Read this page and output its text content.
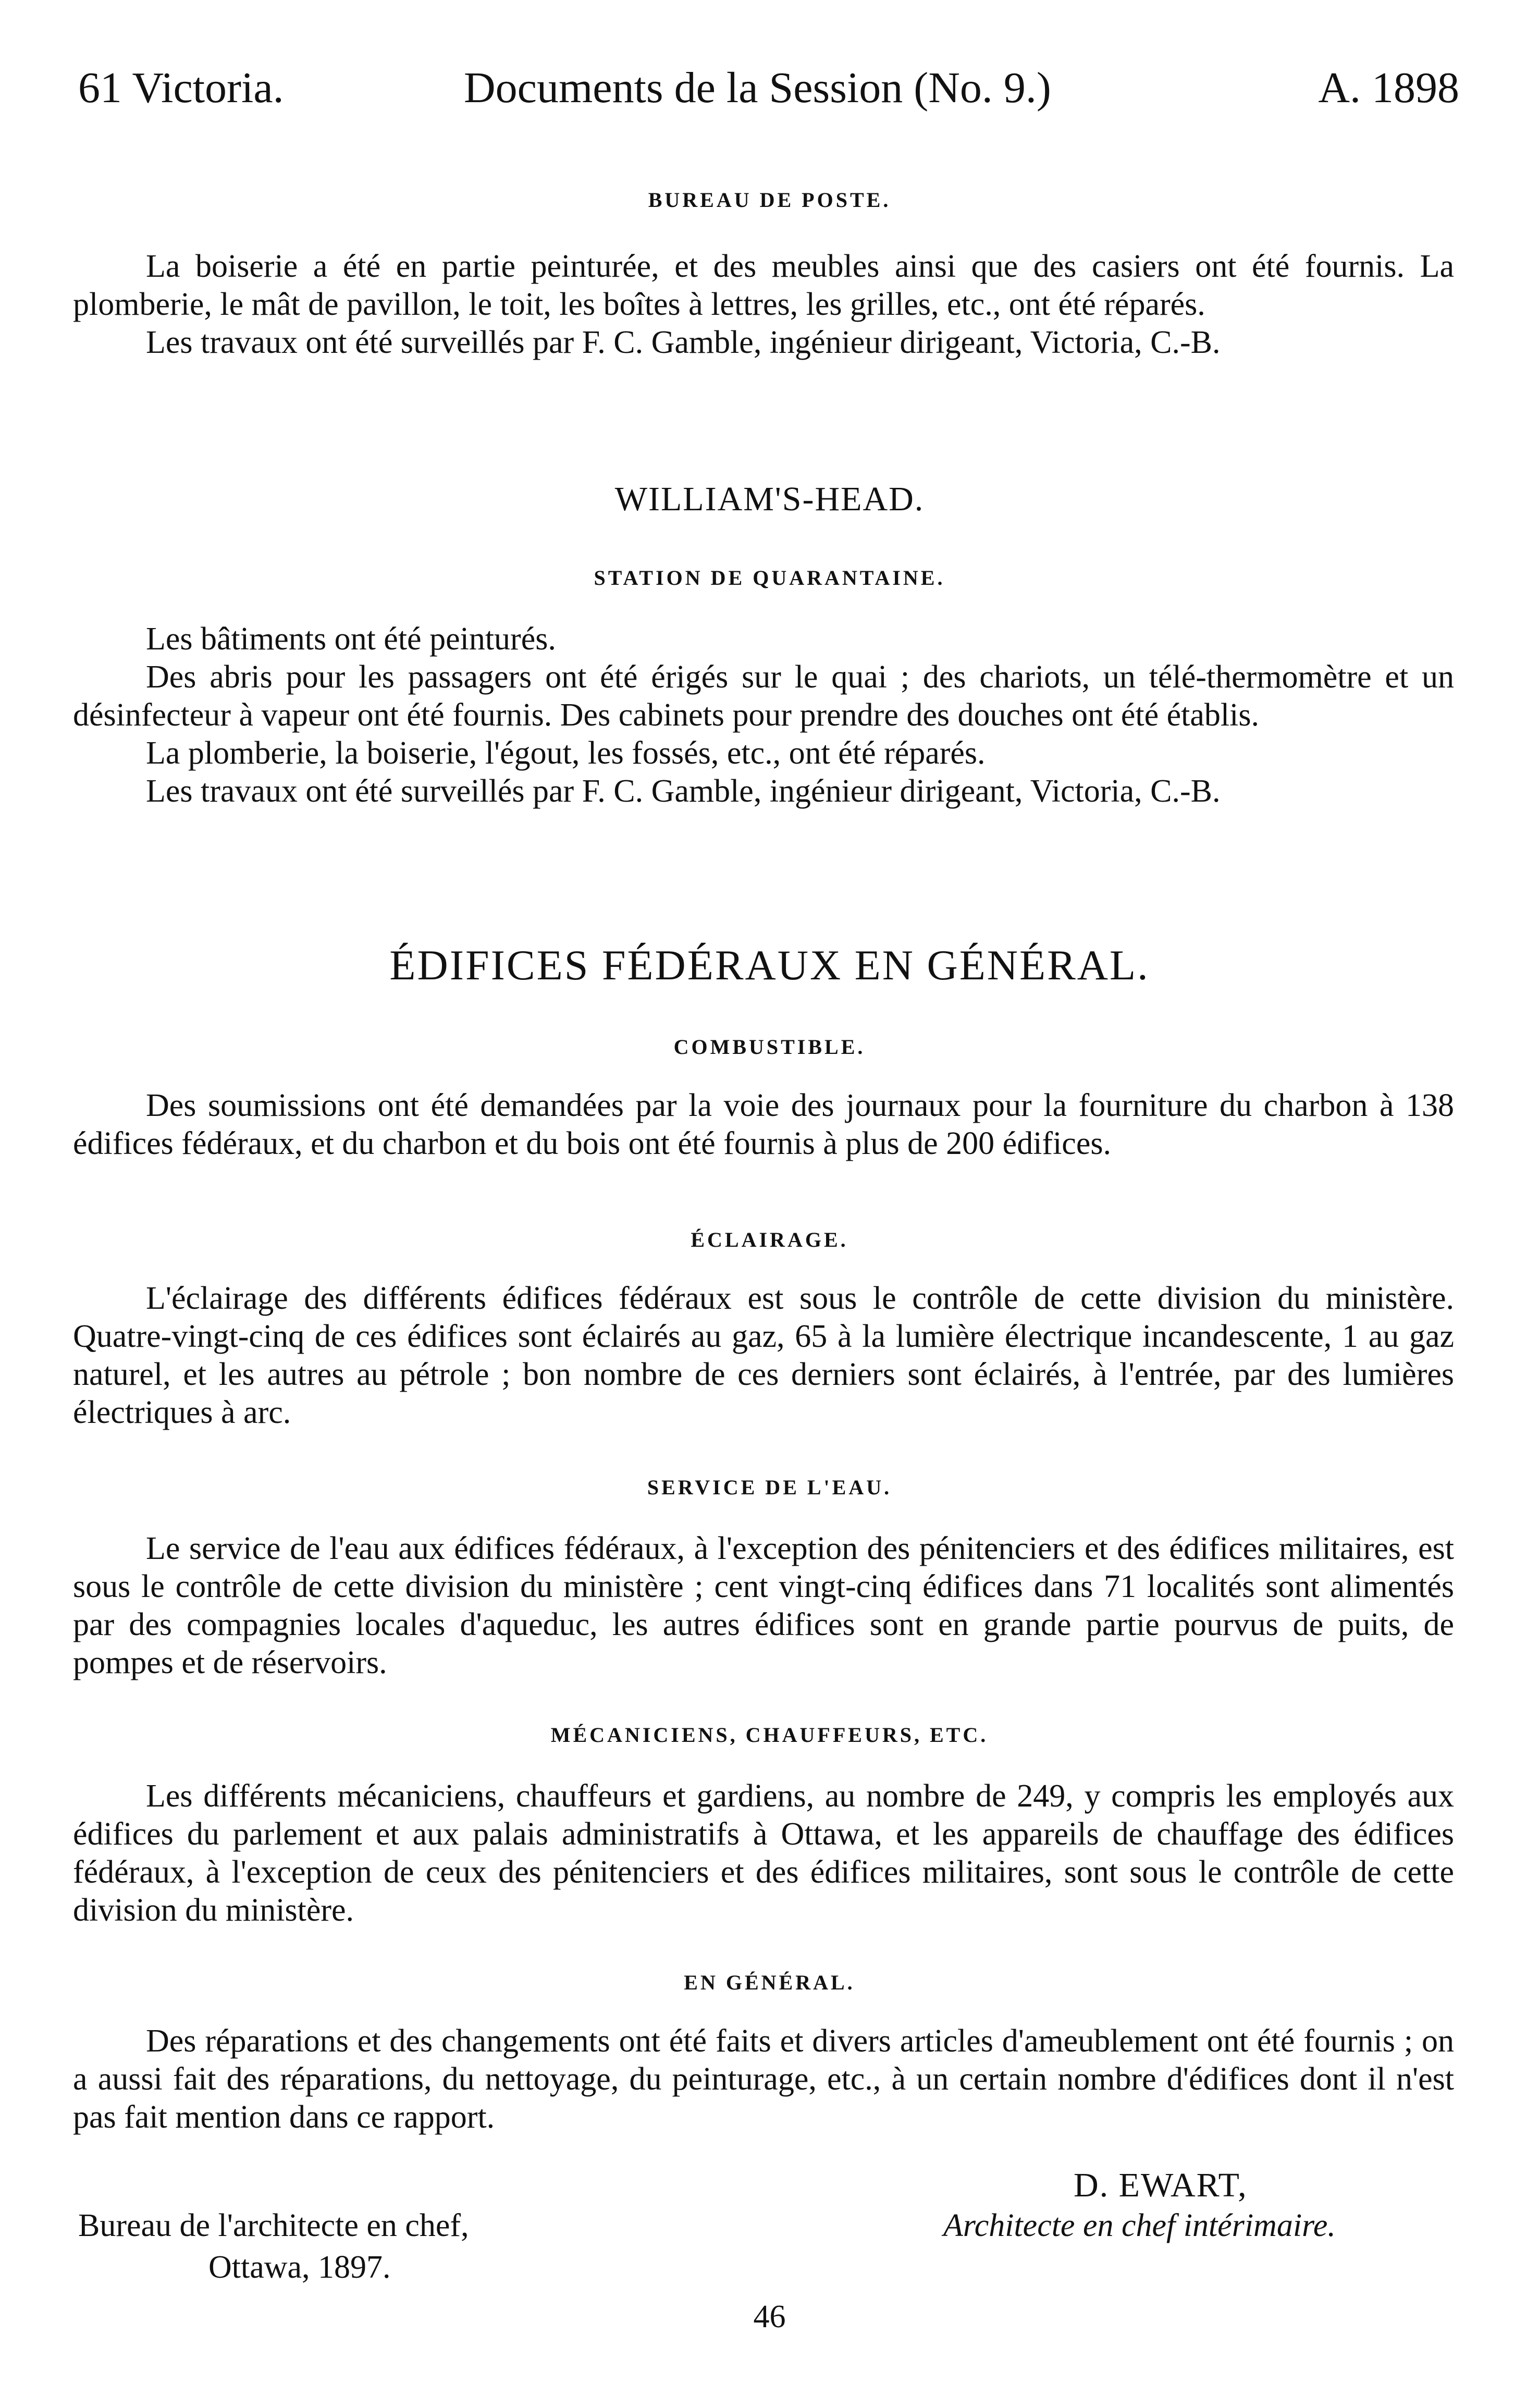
61 Victoria.	Documents de la Session (No. 9.)	A. 1898
BUREAU DE POSTE.

La boiserie a été en partie peinturée, et des meubles ainsi que des casiers ont été fournis. La plomberie, le mât de pavillon, le toit, les boîtes à lettres, les grilles, etc., ont été réparés.

Les travaux ont été surveillés par F. C. Gamble, ingénieur dirigeant, Victoria, C.-B.

WILLIAM'S-HEAD.
STATION DE QUARANTAINE.

Les bâtiments ont été peinturés.

Des abris pour les passagers ont été érigés sur le quai ; des chariots, un télé-thermomètre et un désinfecteur à vapeur ont été fournis. Des cabinets pour prendre des douches ont été établis.

La plomberie, la boiserie, l'égout, les fossés, etc., ont été réparés.

Les travaux ont été surveillés par F. C. Gamble, ingénieur dirigeant, Victoria, C.-B.

ÉDIFICES FÉDÉRAUX EN GÉNÉRAL.
COMBUSTIBLE.

Des soumissions ont été demandées par la voie des journaux pour la fourniture du charbon à 138 édifices fédéraux, et du charbon et du bois ont été fournis à plus de 200 édifices.

ÉCLAIRAGE.

L'éclairage des différents édifices fédéraux est sous le contrôle de cette division du ministère. Quatre-vingt-cinq de ces édifices sont éclairés au gaz, 65 à la lumière électrique incandescente, 1 au gaz naturel, et les autres au pétrole ; bon nombre de ces derniers sont éclairés, à l'entrée, par des lumières électriques à arc.

SERVICE DE L'EAU.

Le service de l'eau aux édifices fédéraux, à l'exception des pénitenciers et des édifices militaires, est sous le contrôle de cette division du ministère ; cent vingt-cinq édifices dans 71 localités sont alimentés par des compagnies locales d'aqueduc, les autres édifices sont en grande partie pourvus de puits, de pompes et de réservoirs.

MÉCANICIENS, CHAUFFEURS, ETC.

Les différents mécaniciens, chauffeurs et gardiens, au nombre de 249, y compris les employés aux édifices du parlement et aux palais administratifs à Ottawa, et les appareils de chauffage des édifices fédéraux, à l'exception de ceux des pénitenciers et des édifices militaires, sont sous le contrôle de cette division du ministère.

EN GÉNÉRAL.

Des réparations et des changements ont été faits et divers articles d'ameublement ont été fournis ; on a aussi fait des réparations, du nettoyage, du peinturage, etc., à un certain nombre d'édifices dont il n'est pas fait mention dans ce rapport.

D. EWART,
Architecte en chef intérimaire.
Bureau de l'architecte en chef,
Ottawa, 1897.
46
